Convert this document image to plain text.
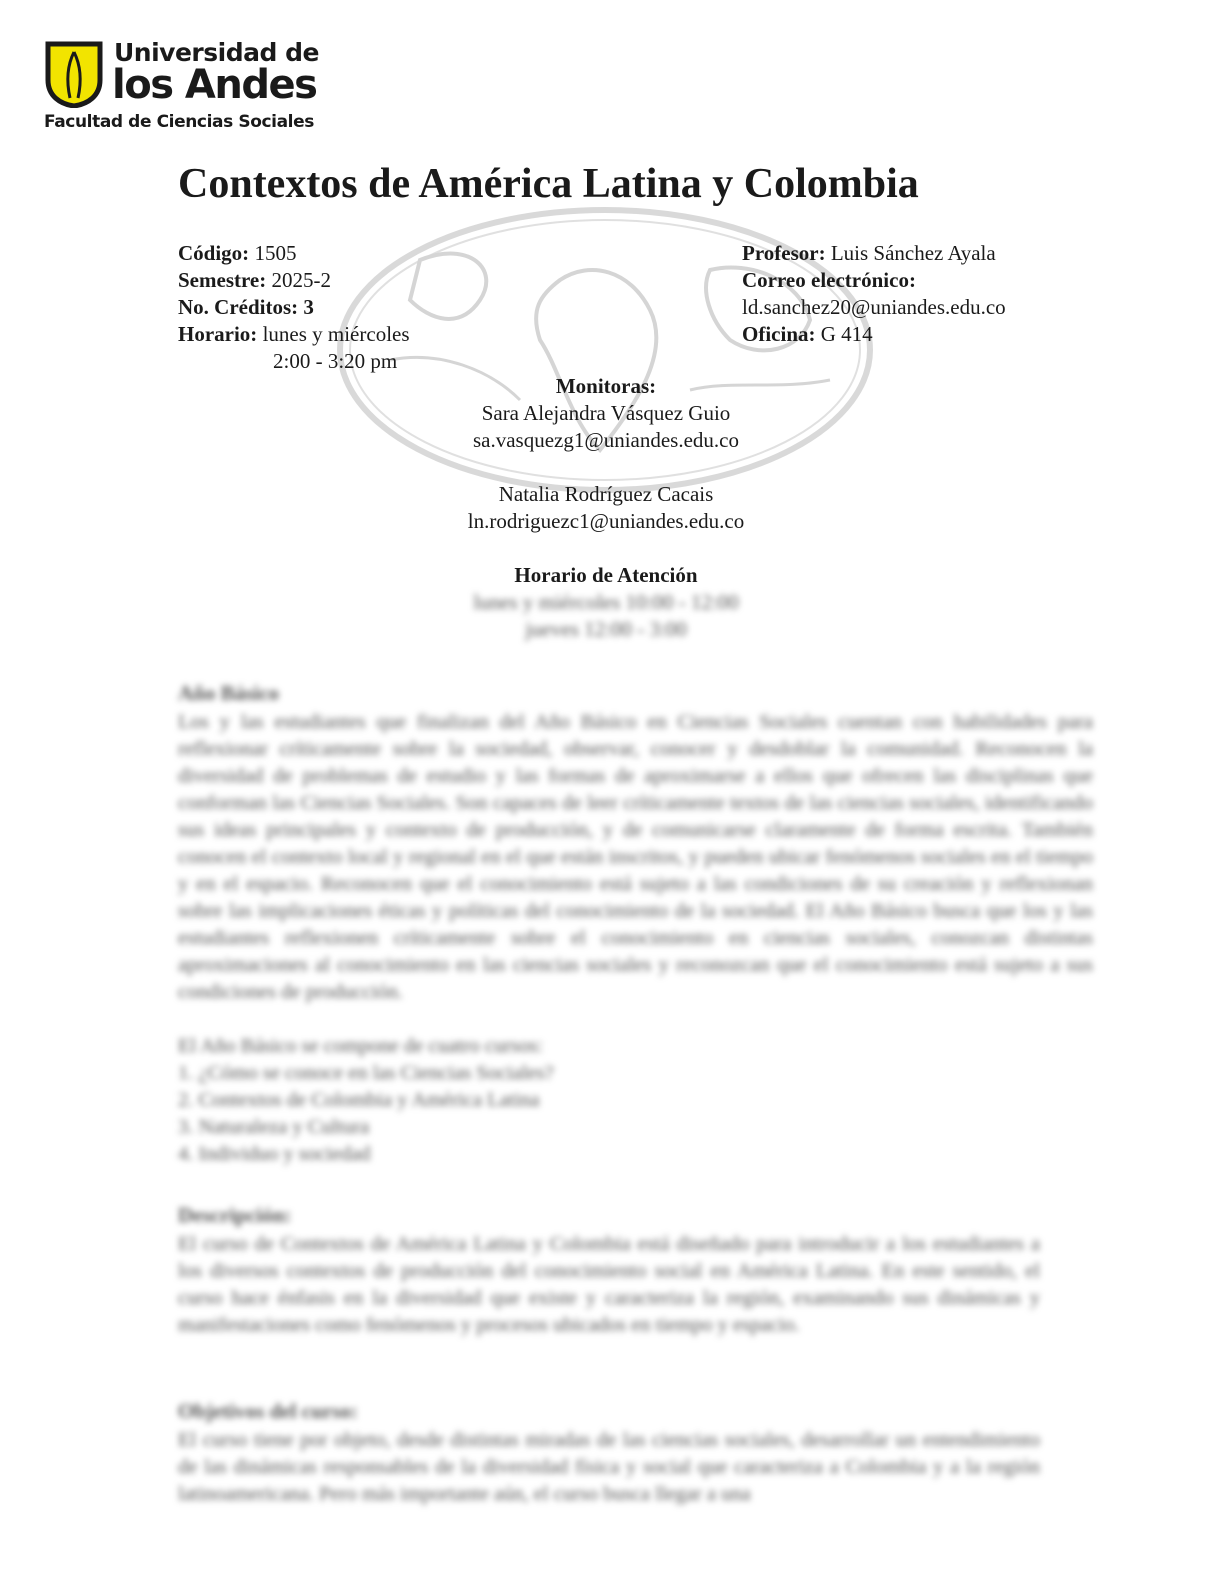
Universidad de
los Andes
Facultad de Ciencias Sociales
Contextos de América Latina y Colombia
Código: 1505
Semestre: 2025-2
No. Créditos: 3
Horario: lunes y miércoles
2:00 - 3:20 pm
Profesor: Luis Sánchez Ayala
Correo electrónico:
ld.sanchez20@uniandes.edu.co
Oficina: G 414
Monitoras:
Sara Alejandra Vásquez Guio
sa.vasquezg1@uniandes.edu.co
Natalia Rodríguez Cacais
ln.rodriguezc1@uniandes.edu.co
Horario de Atención
lunes y miércoles 10:00 - 12:00
jueves 12:00 - 3:00
Año Básico

Los y las estudiantes que finalizan del Año Básico en Ciencias Sociales cuentan con habilidades para reflexionar críticamente sobre la sociedad, observar, conocer y desdoblar la comunidad. Reconocen la diversidad de problemas de estudio y las formas de aproximarse a ellos que ofrecen las disciplinas que conforman las Ciencias Sociales. Son capaces de leer críticamente textos de las ciencias sociales, identificando sus ideas principales y contexto de producción, y de comunicarse claramente de forma escrita. También conocen el contexto local y regional en el que están inscritos, y pueden ubicar fenómenos sociales en el tiempo y en el espacio. Reconocen que el conocimiento está sujeto a las condiciones de su creación y reflexionan sobre las implicaciones éticas y políticas del conocimiento de la sociedad. El Año Básico busca que los y las estudiantes reflexionen críticamente sobre el conocimiento en ciencias sociales, conozcan distintas aproximaciones al conocimiento en las ciencias sociales y reconozcan que el conocimiento está sujeto a sus condiciones de producción.

El Año Básico se compone de cuatro cursos:
1. ¿Cómo se conoce en las Ciencias Sociales?
2. Contextos de Colombia y América Latina
3. Naturaleza y Cultura
4. Individuo y sociedad
Descripción:

El curso de Contextos de América Latina y Colombia está diseñado para introducir a los estudiantes a los diversos contextos de producción del conocimiento social en América Latina. En este sentido, el curso hace énfasis en la diversidad que existe y caracteriza la región, examinando sus dinámicas y manifestaciones como fenómenos y procesos ubicados en tiempo y espacio.

Objetivos del curso:

El curso tiene por objeto, desde distintas miradas de las ciencias sociales, desarrollar un entendimiento de las dinámicas responsables de la diversidad física y social que caracteriza a Colombia y a la región latinoamericana. Pero más importante aún, el curso busca llegar a una
